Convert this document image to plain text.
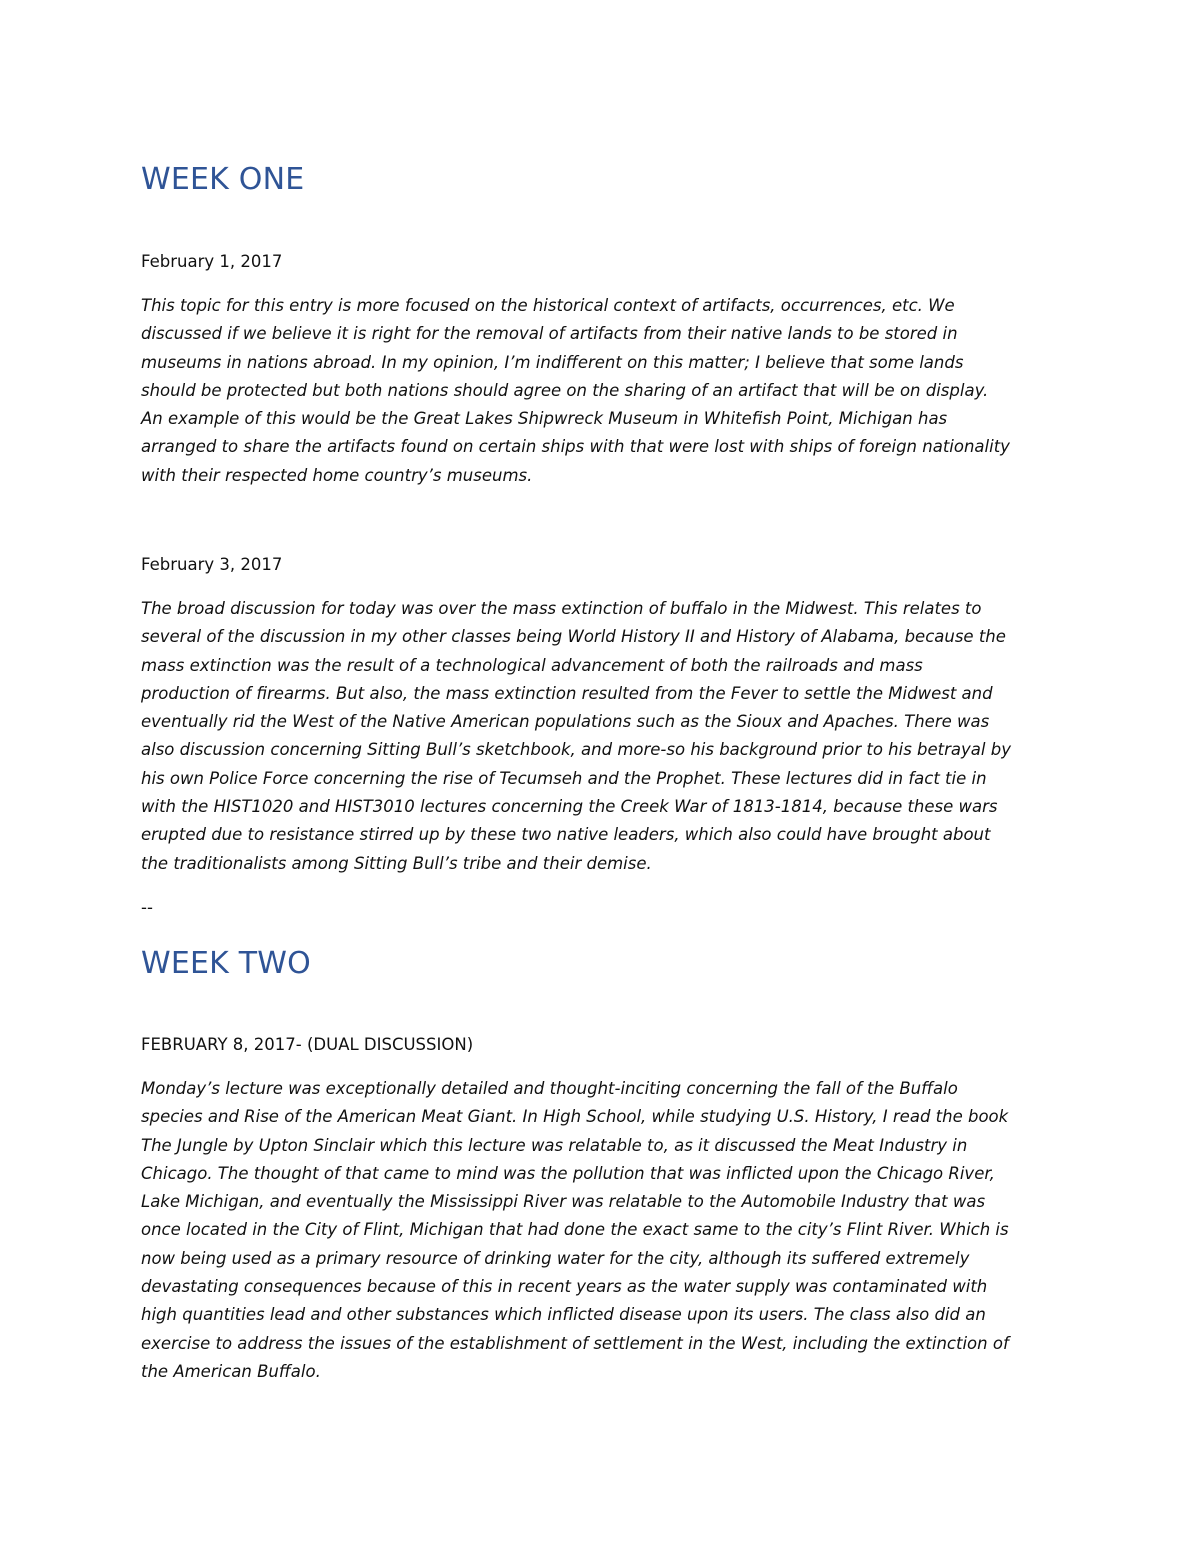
WEEK ONE

February 1, 2017

This topic for this entry is more focused on the historical context of artifacts, occurrences, etc. We
discussed if we believe it is right for the removal of artifacts from their native lands to be stored in
museums in nations abroad. In my opinion, I’m indifferent on this matter; I believe that some lands
should be protected but both nations should agree on the sharing of an artifact that will be on display.
An example of this would be the Great Lakes Shipwreck Museum in Whitefish Point, Michigan has
arranged to share the artifacts found on certain ships with that were lost with ships of foreign nationality
with their respected home country’s museums.

February 3, 2017

The broad discussion for today was over the mass extinction of buffalo in the Midwest. This relates to
several of the discussion in my other classes being World History II and History of Alabama, because the
mass extinction was the result of a technological advancement of both the railroads and mass
production of firearms. But also, the mass extinction resulted from the Fever to settle the Midwest and
eventually rid the West of the Native American populations such as the Sioux and Apaches. There was
also discussion concerning Sitting Bull’s sketchbook, and more-so his background prior to his betrayal by
his own Police Force concerning the rise of Tecumseh and the Prophet. These lectures did in fact tie in
with the HIST1020 and HIST3010 lectures concerning the Creek War of 1813-1814, because these wars
erupted due to resistance stirred up by these two native leaders, which also could have brought about
the traditionalists among Sitting Bull’s tribe and their demise.

--

WEEK TWO

FEBRUARY 8, 2017- (DUAL DISCUSSION)

Monday’s lecture was exceptionally detailed and thought-inciting concerning the fall of the Buffalo
species and Rise of the American Meat Giant. In High School, while studying U.S. History, I read the book
The Jungle by Upton Sinclair which this lecture was relatable to, as it discussed the Meat Industry in
Chicago. The thought of that came to mind was the pollution that was inflicted upon the Chicago River,
Lake Michigan, and eventually the Mississippi River was relatable to the Automobile Industry that was
once located in the City of Flint, Michigan that had done the exact same to the city’s Flint River. Which is
now being used as a primary resource of drinking water for the city, although its suffered extremely
devastating consequences because of this in recent years as the water supply was contaminated with
high quantities lead and other substances which inflicted disease upon its users. The class also did an
exercise to address the issues of the establishment of settlement in the West, including the extinction of
the American Buffalo.
